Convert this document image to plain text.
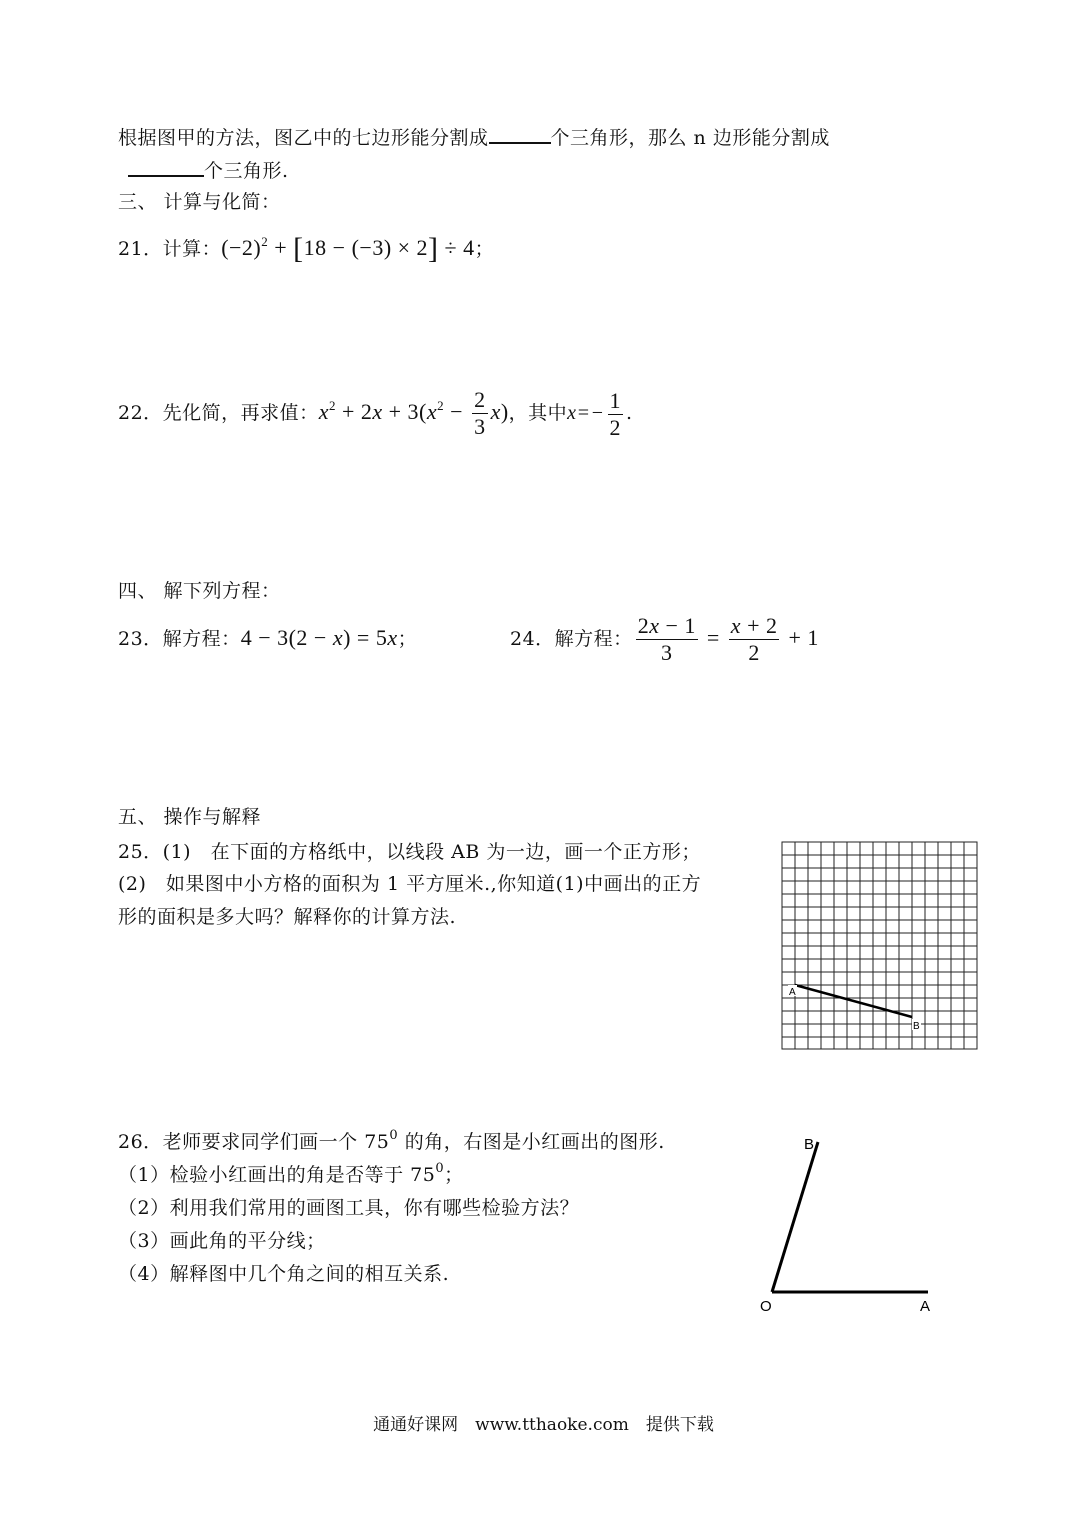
根据图甲的方法，图乙中的七边形能分割成	个三角形，那么 n 边形能分割成
个三角形.
三、 计算与化简：
21．计算：$(-2)^2 + [18 - (-3) \times 2] \div 4$；
22．先化简，再求值：$x^2 + 2x + 3(x^2 - \frac{2}{3} x)$，其中$x=- \frac{1}{2}$ .
四、 解下列方程：
23．解方程：4 − 3(2 − x) = 5x；	24．解方程： $\frac{2x - 1}{3} = \frac{x + 2}{2} + 1$
五、 操作与解释
25．(1)　在下面的方格纸中，以线段 AB 为一边，画一个正方形；
(2)　如果图中小方格的面积为 1 平方厘米.,你知道(1)中画出的正方
形的面积是多大吗？解释你的计算方法.
A
B
26．老师要求同学们画一个 $75^0$ 的角，右图是小红画出的图形.
（1）检验小红画出的角是否等于 $75^0$；
（2）利用我们常用的画图工具，你有哪些检验方法？
（3）画此角的平分线；
（4）解释图中几个角之间的相互关系.
B
O	A
通通好课网　www.tthaoke.com　提供下载
